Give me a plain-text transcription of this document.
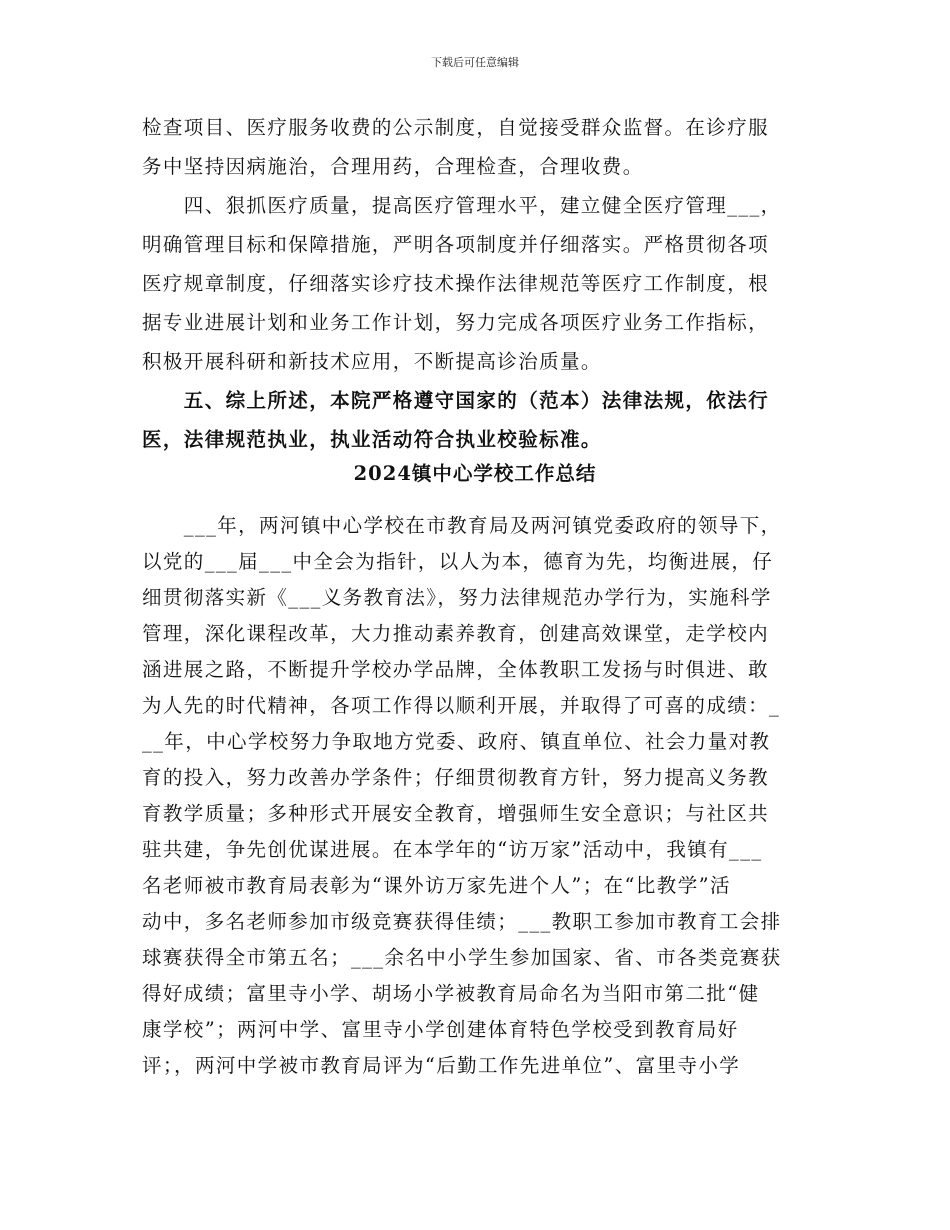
下载后可任意编辑
检查项目、医疗服务收费的公示制度，自觉接受群众监督。在诊疗服
务中坚持因病施治，合理用药，合理检查，合理收费。
　　四、狠抓医疗质量，提高医疗管理水平，建立健全医疗管理___，
明确管理目标和保障措施，严明各项制度并仔细落实。严格贯彻各项
医疗规章制度，仔细落实诊疗技术操作法律规范等医疗工作制度，根
据专业进展计划和业务工作计划，努力完成各项医疗业务工作指标，
积极开展科研和新技术应用，不断提高诊治质量。
　　五、综上所述，本院严格遵守国家的（范本）法律法规，依法行
医，法律规范执业，执业活动符合执业校验标准。
2024镇中心学校工作总结
　　___年，两河镇中心学校在市教育局及两河镇党委政府的领导下，
以党的___届___中全会为指针，以人为本，德育为先，均衡进展，仔
细贯彻落实新《___义务教育法》，努力法律规范办学行为，实施科学
管理，深化课程改革，大力推动素养教育，创建高效课堂，走学校内
涵进展之路，不断提升学校办学品牌，全体教职工发扬与时俱进、敢
为人先的时代精神，各项工作得以顺利开展，并取得了可喜的成绩：_
__年，中心学校努力争取地方党委、政府、镇直单位、社会力量对教
育的投入，努力改善办学条件；仔细贯彻教育方针，努力提高义务教
育教学质量；多种形式开展安全教育，增强师生安全意识；与社区共
驻共建，争先创优谋进展。在本学年的“访万家”活动中，我镇有___
名老师被市教育局表彰为“课外访万家先进个人”；在“比教学”活
动中，多名老师参加市级竞赛获得佳绩；___教职工参加市教育工会排
球赛获得全市第五名；___余名中小学生参加国家、省、市各类竞赛获
得好成绩；富里寺小学、胡场小学被教育局命名为当阳市第二批“健
康学校”；两河中学、富里寺小学创建体育特色学校受到教育局好
评；，两河中学被市教育局评为“后勤工作先进单位”、富里寺小学
